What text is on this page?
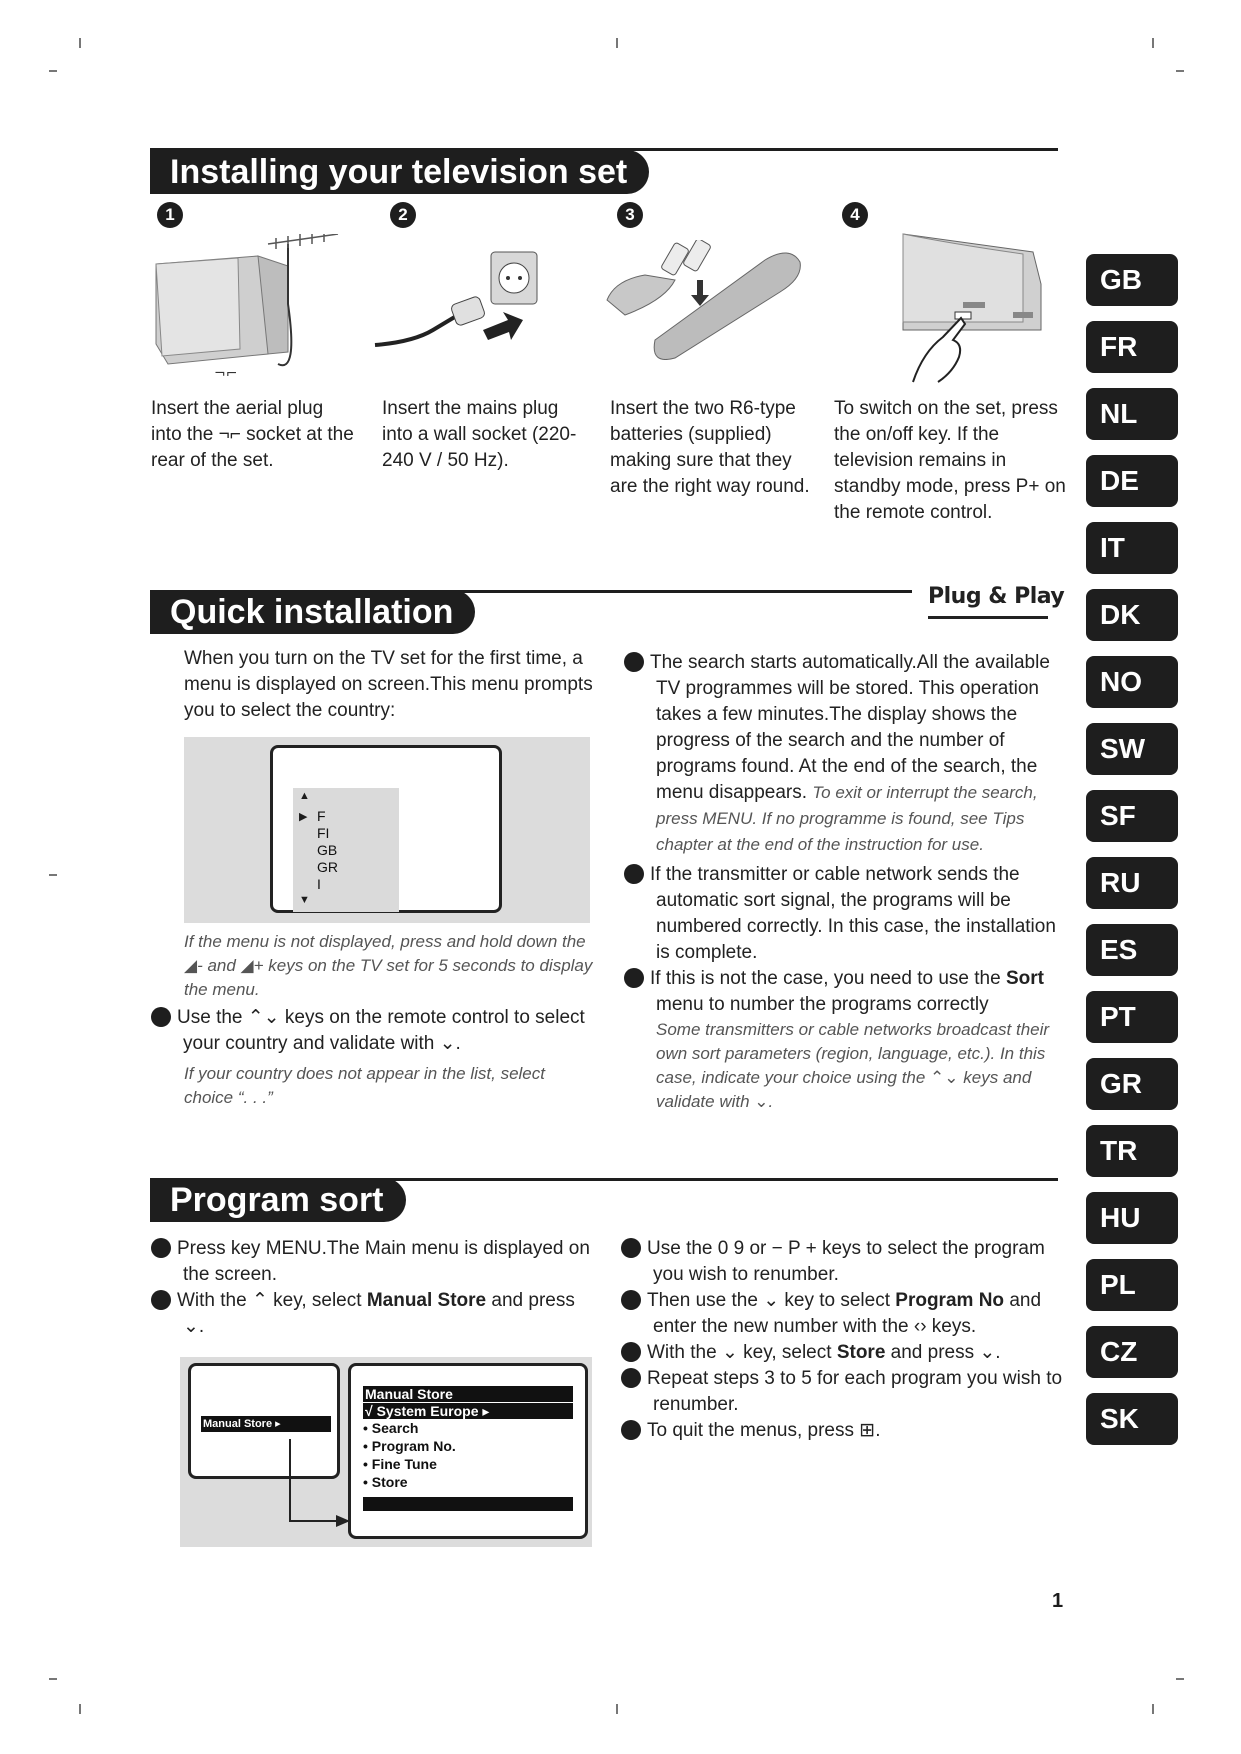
Installing your television set
1	2	3	4
¬⌐
Insert the aerial plug into the ¬⌐ socket at the rear of the set.
Insert the mains plug into a wall socket (220-240 V / 50 Hz).
Insert the two R6-type batteries (supplied) making sure that they are the right way round.
To switch on the set, press the on/off key. If the television remains in standby mode, press P+ on the remote control.
Quick installation	Plug & Play
When you turn on the TV set for the first time, a menu is displayed on screen.This menu prompts you to select the country:
▲
▶ F
FI
GB
GR
I
▼
If the menu is not displayed, press and hold down the ◢- and ◢+ keys on the TV set for 5 seconds to display the menu.

1 Use the ⌃⌄ keys on the remote control to select your country and validate with ⌄.

If your country does not appear in the list, select choice “. . .”

2 The search starts automatically.All the available TV programmes will be stored. This operation takes a few minutes.The display shows the progress of the search and the number of programs found. At the end of the search, the menu disappears. To exit or interrupt the search, press MENU. If no programme is found, see Tips chapter at the end of the instruction for use.

3 If the transmitter or cable network sends the automatic sort signal, the programs will be numbered correctly. In this case, the installation is complete.

4 If this is not the case, you need to use the Sort menu to number the programs correctly

Some transmitters or cable networks broadcast their own sort parameters (region, language, etc.). In this case, indicate your choice using the ⌃⌄ keys and validate with ⌄.

Program sort

1 Press key MENU.The Main menu is displayed on the screen.

2 With the ⌃ key, select Manual Store and press ⌄.

Manual Store ▸
Manual Store
√ System Europe ▸
• Search
• Program No.
• Fine Tune
• Store

3 Use the 0 9 or − P + keys to select the program you wish to renumber.

4 Then use the ⌄ key to select Program No and enter the new number with the ‹› keys.

5 With the ⌄ key, select Store and press ⌄.

6 Repeat steps 3 to 5 for each program you wish to renumber.

7 To quit the menus, press ⊞.

GB
FR
NL
DE
IT
DK
NO
SW
SF
RU
ES
PT
GR
TR
HU
PL
CZ
SK
1
